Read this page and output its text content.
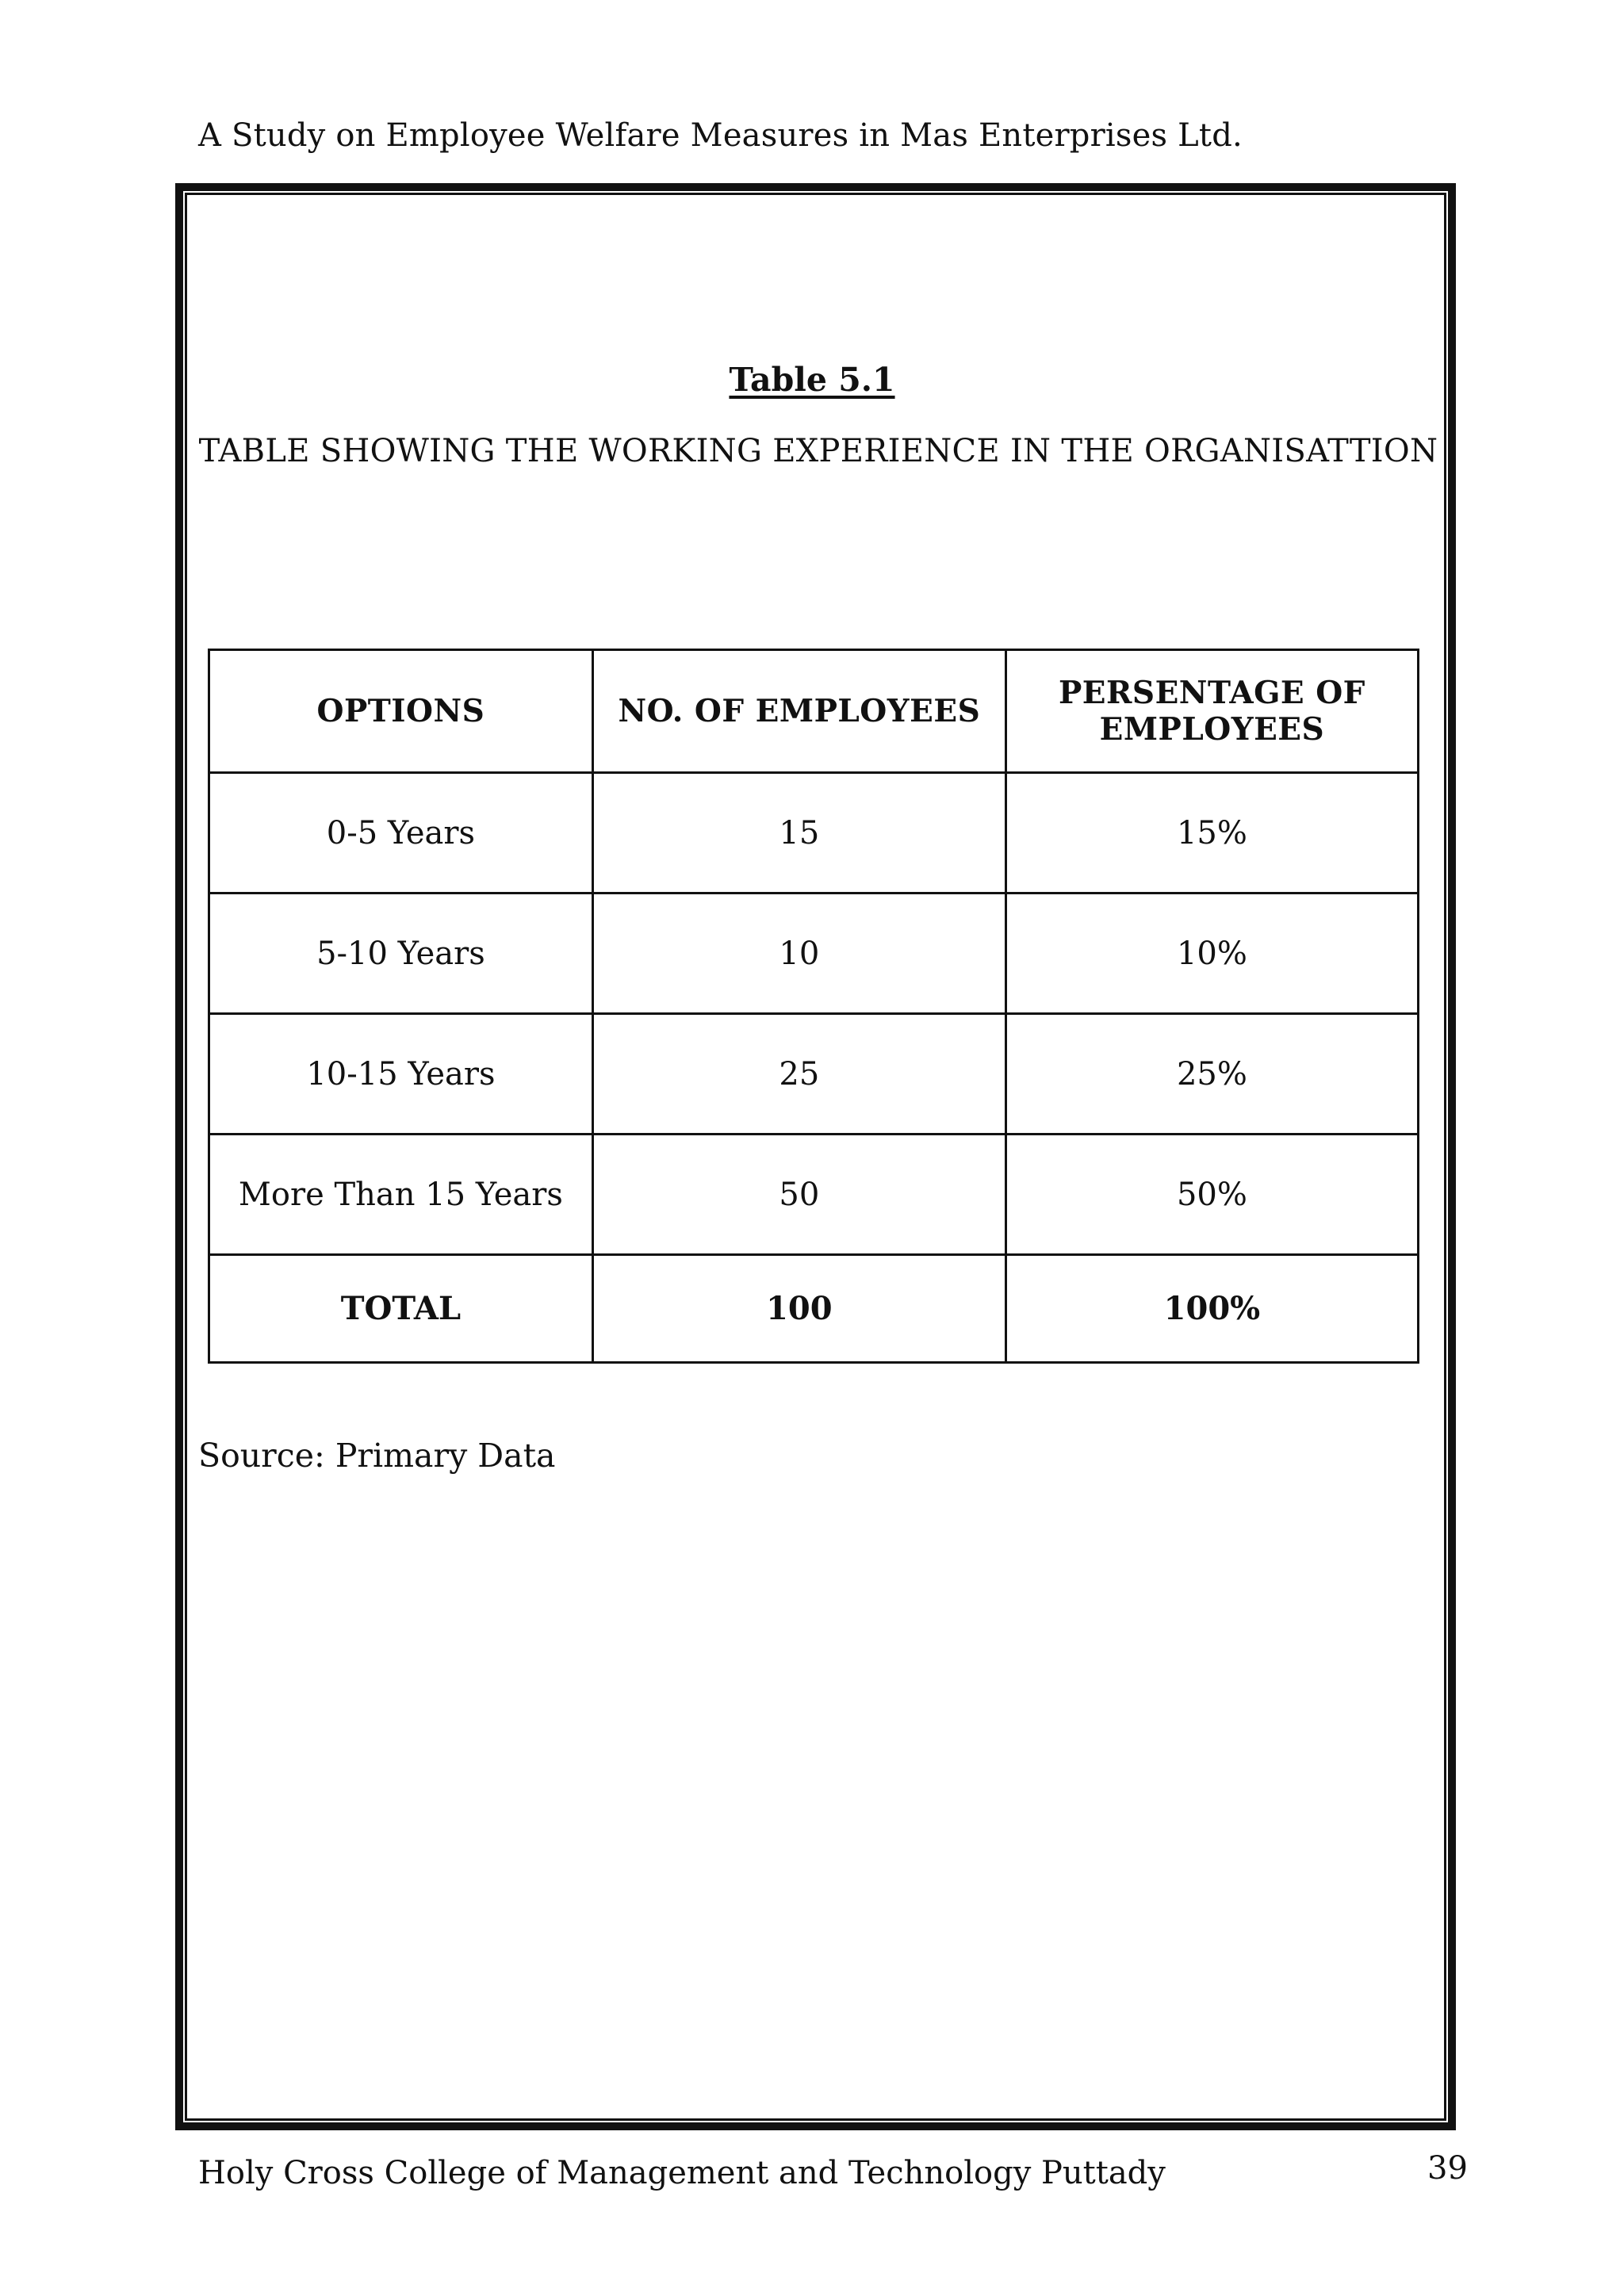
A Study on Employee Welfare Measures in Mas Enterprises Ltd.
Table 5.1
TABLE SHOWING THE WORKING EXPERIENCE IN THE ORGANISATTION
OPTIONS	NO. OF EMPLOYEES	PERSENTAGE OF EMPLOYEES
0-5 Years	15	15%
5-10 Years	10	10%
10-15 Years	25	25%
More Than 15 Years	50	50%
TOTAL	100	100%
Source: Primary Data
Holy Cross College of Management and Technology Puttady	39
